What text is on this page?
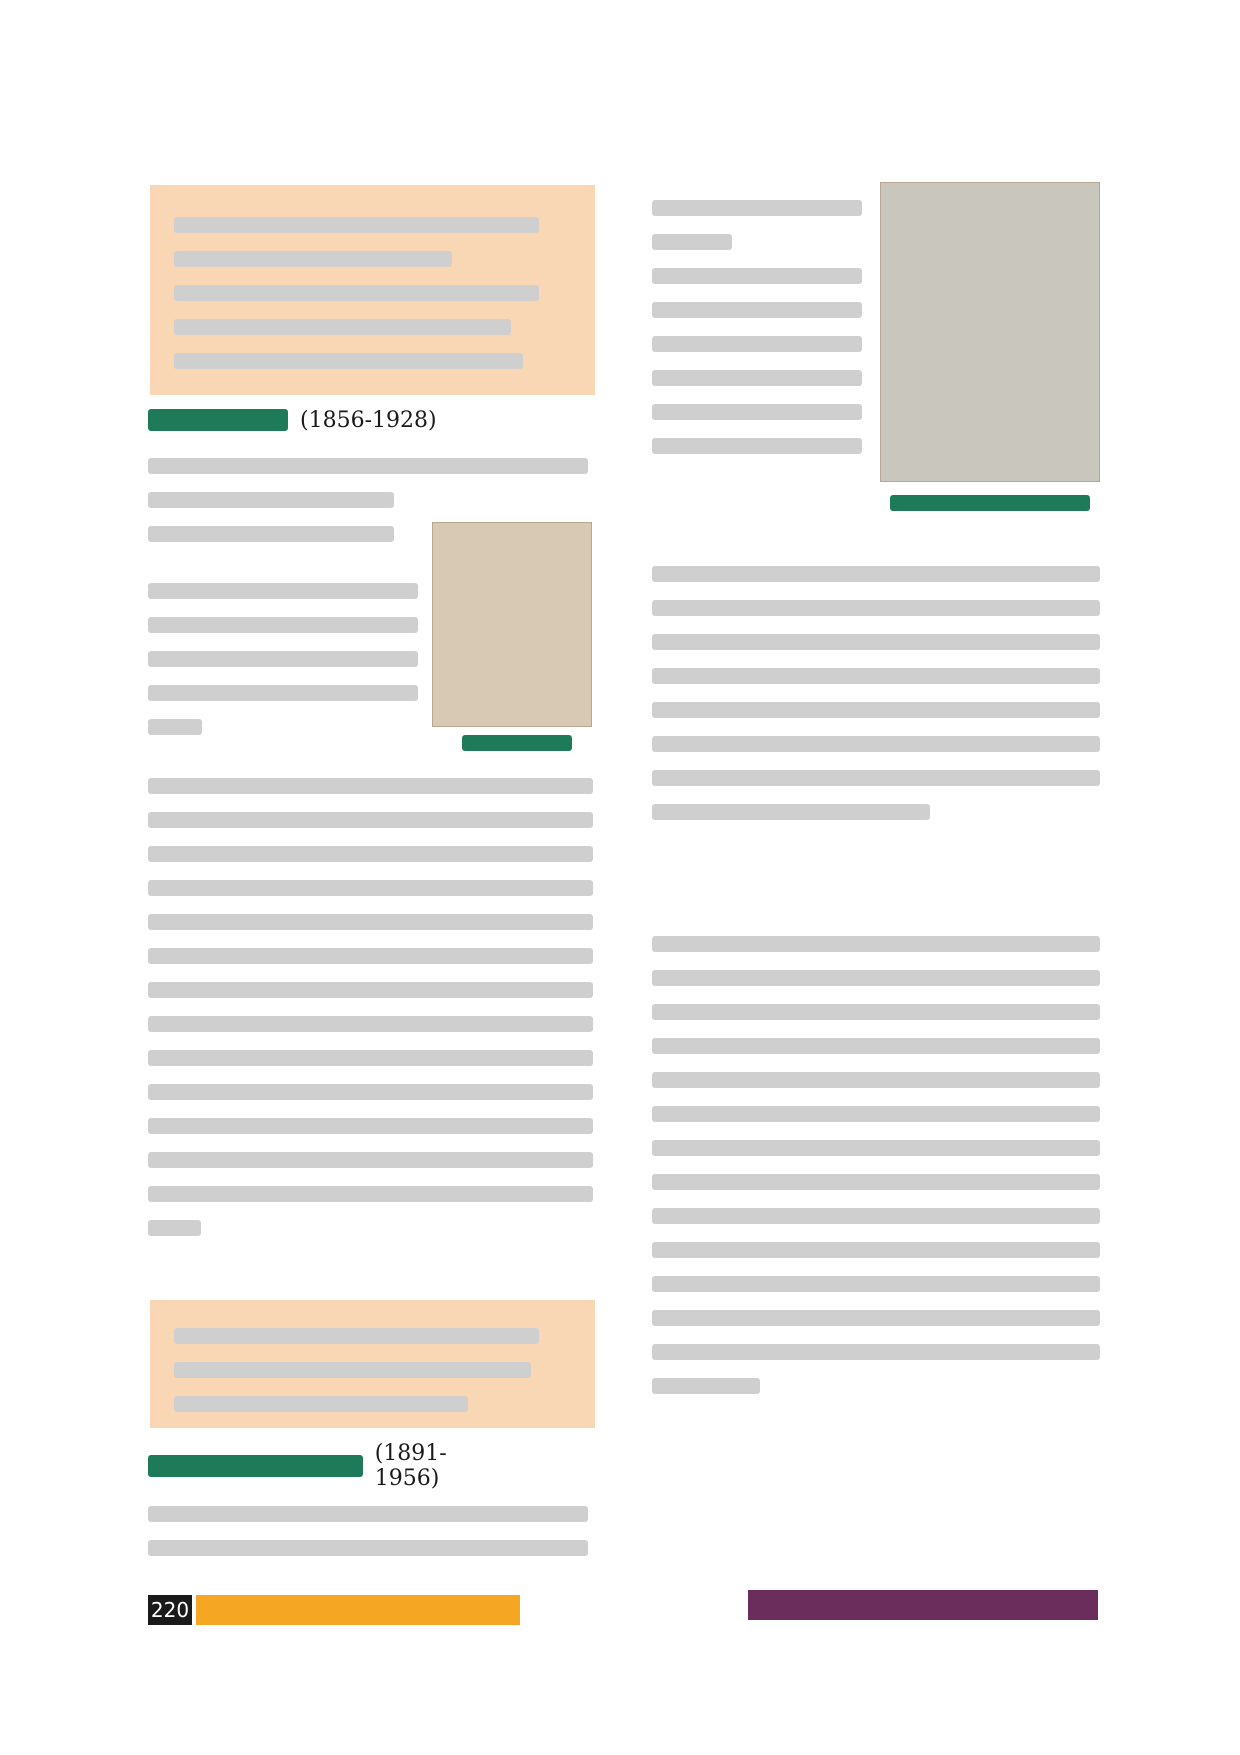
(1856-1928)
(1891-1956)
220
